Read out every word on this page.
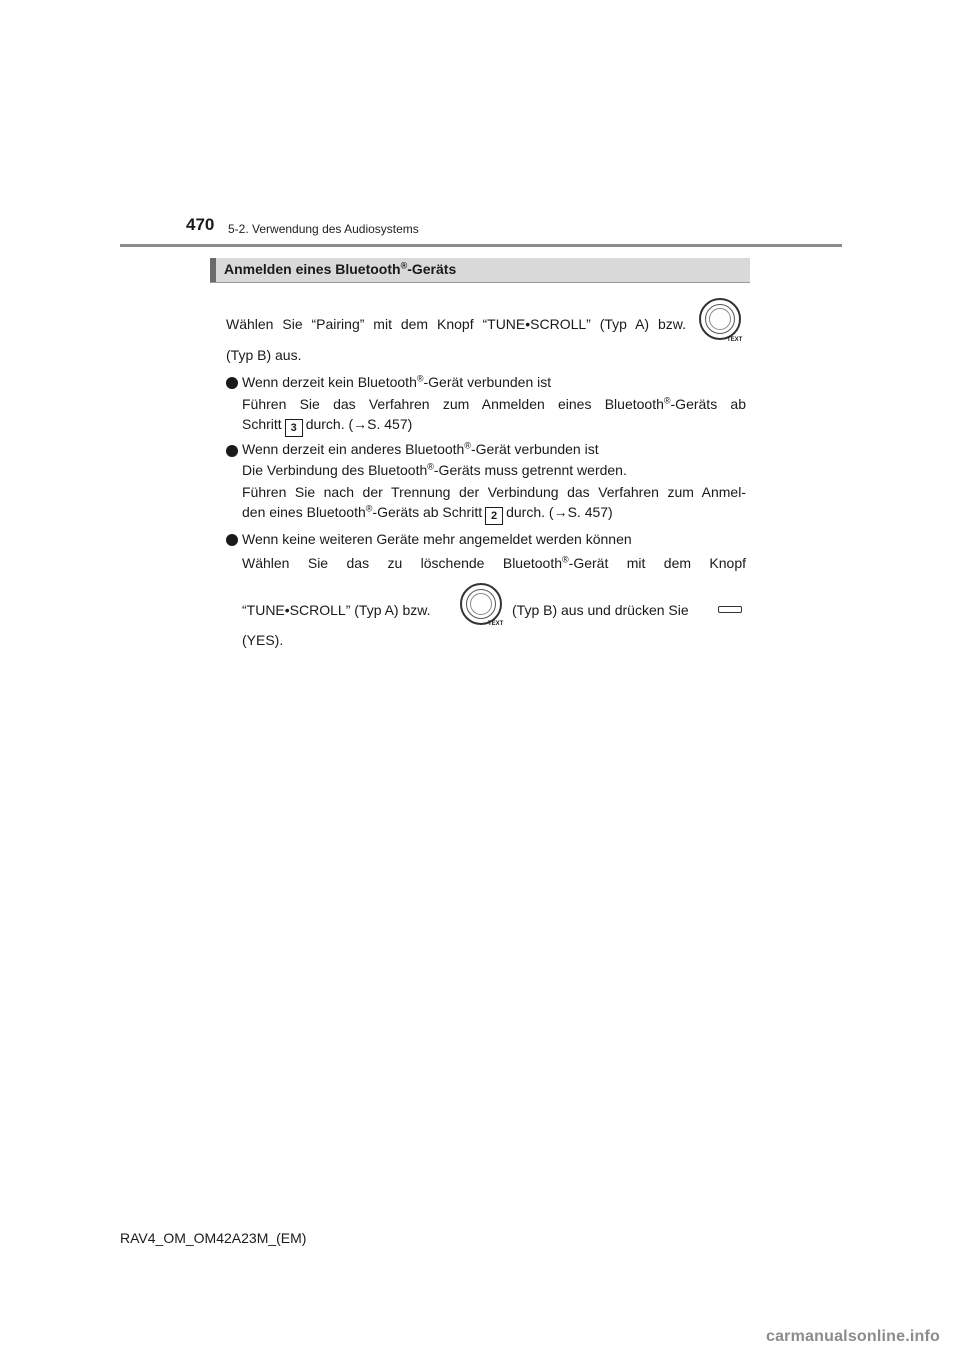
470 5-2. Verwendung des Audiosystems
Anmelden eines Bluetooth®-Geräts
Wählen Sie “Pairing” mit dem Knopf “TUNE•SCROLL” (Typ A) bzw.
TEXT
(Typ B) aus.
Wenn derzeit kein Bluetooth®-Gerät verbunden ist
Führen Sie das Verfahren zum Anmelden eines Bluetooth®-Geräts ab
Schritt 3 durch. (→S. 457)
Wenn derzeit ein anderes Bluetooth®-Gerät verbunden ist
Die Verbindung des Bluetooth®-Geräts muss getrennt werden.
Führen Sie nach der Trennung der Verbindung das Verfahren zum Anmel-
den eines Bluetooth®-Geräts ab Schritt 2 durch. (→S. 457)
Wenn keine weiteren Geräte mehr angemeldet werden können
Wählen Sie das zu löschende Bluetooth®-Gerät mit dem Knopf
“TUNE•SCROLL” (Typ A) bzw.
TEXT
(Typ B) aus und drücken Sie
(YES).
RAV4_OM_OM42A23M_(EM)
carmanualsonline.info
